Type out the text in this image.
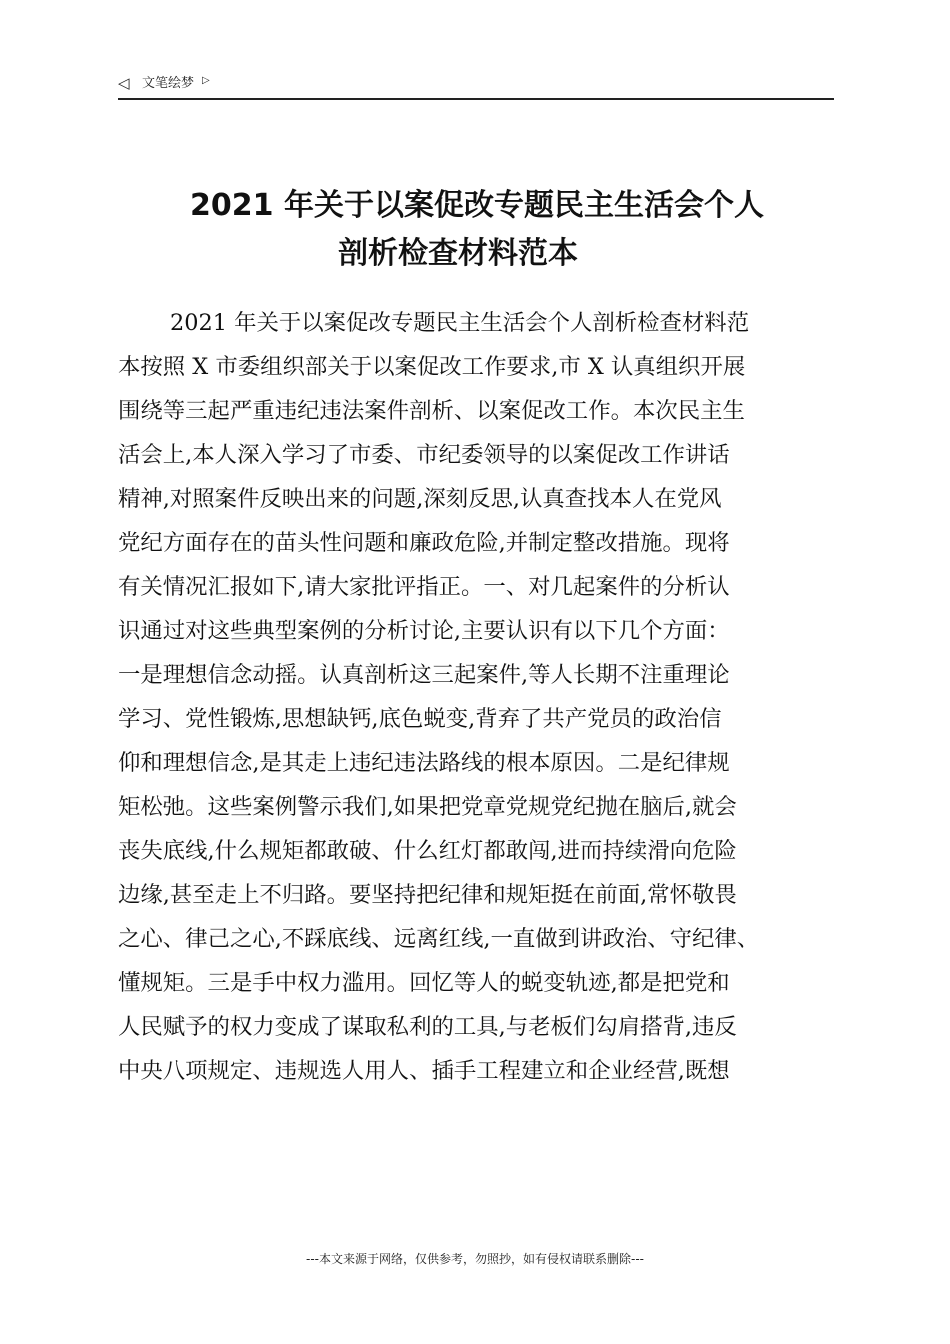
◁ 文笔绘梦 ▷
2021 年关于以案促改专题民主生活会个人
剖析检查材料范本
2021 年关于以案促改专题民主生活会个人剖析检查材料范
本按照 X 市委组织部关于以案促改工作要求,市 X 认真组织开展
围绕等三起严重违纪违法案件剖析、以案促改工作。本次民主生
活会上,本人深入学习了市委、市纪委领导的以案促改工作讲话
精神,对照案件反映出来的问题,深刻反思,认真查找本人在党风
党纪方面存在的苗头性问题和廉政危险,并制定整改措施。现将
有关情况汇报如下,请大家批评指正。一、对几起案件的分析认
识通过对这些典型案例的分析讨论,主要认识有以下几个方面：
一是理想信念动摇。认真剖析这三起案件,等人长期不注重理论
学习、党性锻炼,思想缺钙,底色蜕变,背弃了共产党员的政治信
仰和理想信念,是其走上违纪违法路线的根本原因。二是纪律规
矩松弛。这些案例警示我们,如果把党章党规党纪抛在脑后,就会
丧失底线,什么规矩都敢破、什么红灯都敢闯,进而持续滑向危险
边缘,甚至走上不归路。要坚持把纪律和规矩挺在前面,常怀敬畏
之心、律己之心,不踩底线、远离红线,一直做到讲政治、守纪律、
懂规矩。三是手中权力滥用。回忆等人的蜕变轨迹,都是把党和
人民赋予的权力变成了谋取私利的工具,与老板们勾肩搭背,违反
中央八项规定、违规选人用人、插手工程建立和企业经营,既想
---本文来源于网络，仅供参考，勿照抄，如有侵权请联系删除---
